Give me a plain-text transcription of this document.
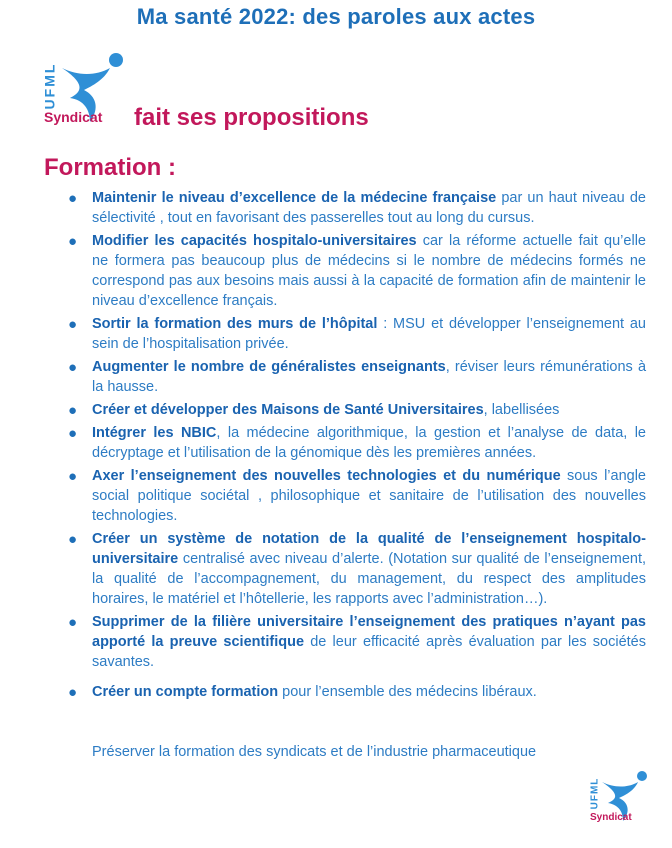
Ma santé 2022: des paroles aux actes
UFML
Syndicat fait ses propositions
Formation :
● Maintenir le niveau d’excellence de la médecine française par un haut niveau de sélectivité , tout en favorisant des passerelles tout au long du cursus.
● Modifier les capacités hospitalo-universitaires car la réforme actuelle fait qu’elle ne formera pas beaucoup plus de médecins si le nombre de médecins formés ne correspond pas aux besoins mais aussi à la capacité de formation afin de maintenir le niveau d’excellence français.
● Sortir la formation des murs de l’hôpital : MSU et développer l’enseignement au sein de l’hospitalisation privée.
● Augmenter le nombre de généralistes enseignants, réviser leurs rémunérations à la hausse.
● Créer et développer des Maisons de Santé Universitaires, labellisées
● Intégrer les NBIC, la médecine algorithmique, la gestion et l’analyse de data, le décryptage et l’utilisation de la génomique dès les premières années.
● Axer l’enseignement des nouvelles technologies et du numérique sous l’angle social politique sociétal , philosophique et sanitaire de l’utilisation des nouvelles technologies.
● Créer un système de notation de la qualité de l’enseignement hospitalo-universitaire centralisé avec niveau d’alerte. (Notation sur qualité de l’enseignement, la qualité de l’accompagnement, du management, du respect des amplitudes horaires, le matériel et l’hôtellerie, les rapports avec l’administration…).
● Supprimer de la filière universitaire l’enseignement des pratiques n’ayant pas apporté la preuve scientifique de leur efficacité après évaluation par les sociétés savantes.
● Créer un compte formation pour l’ensemble des médecins libéraux.
Préserver la formation des syndicats et de l’industrie pharmaceutique
UFML
Syndicat
